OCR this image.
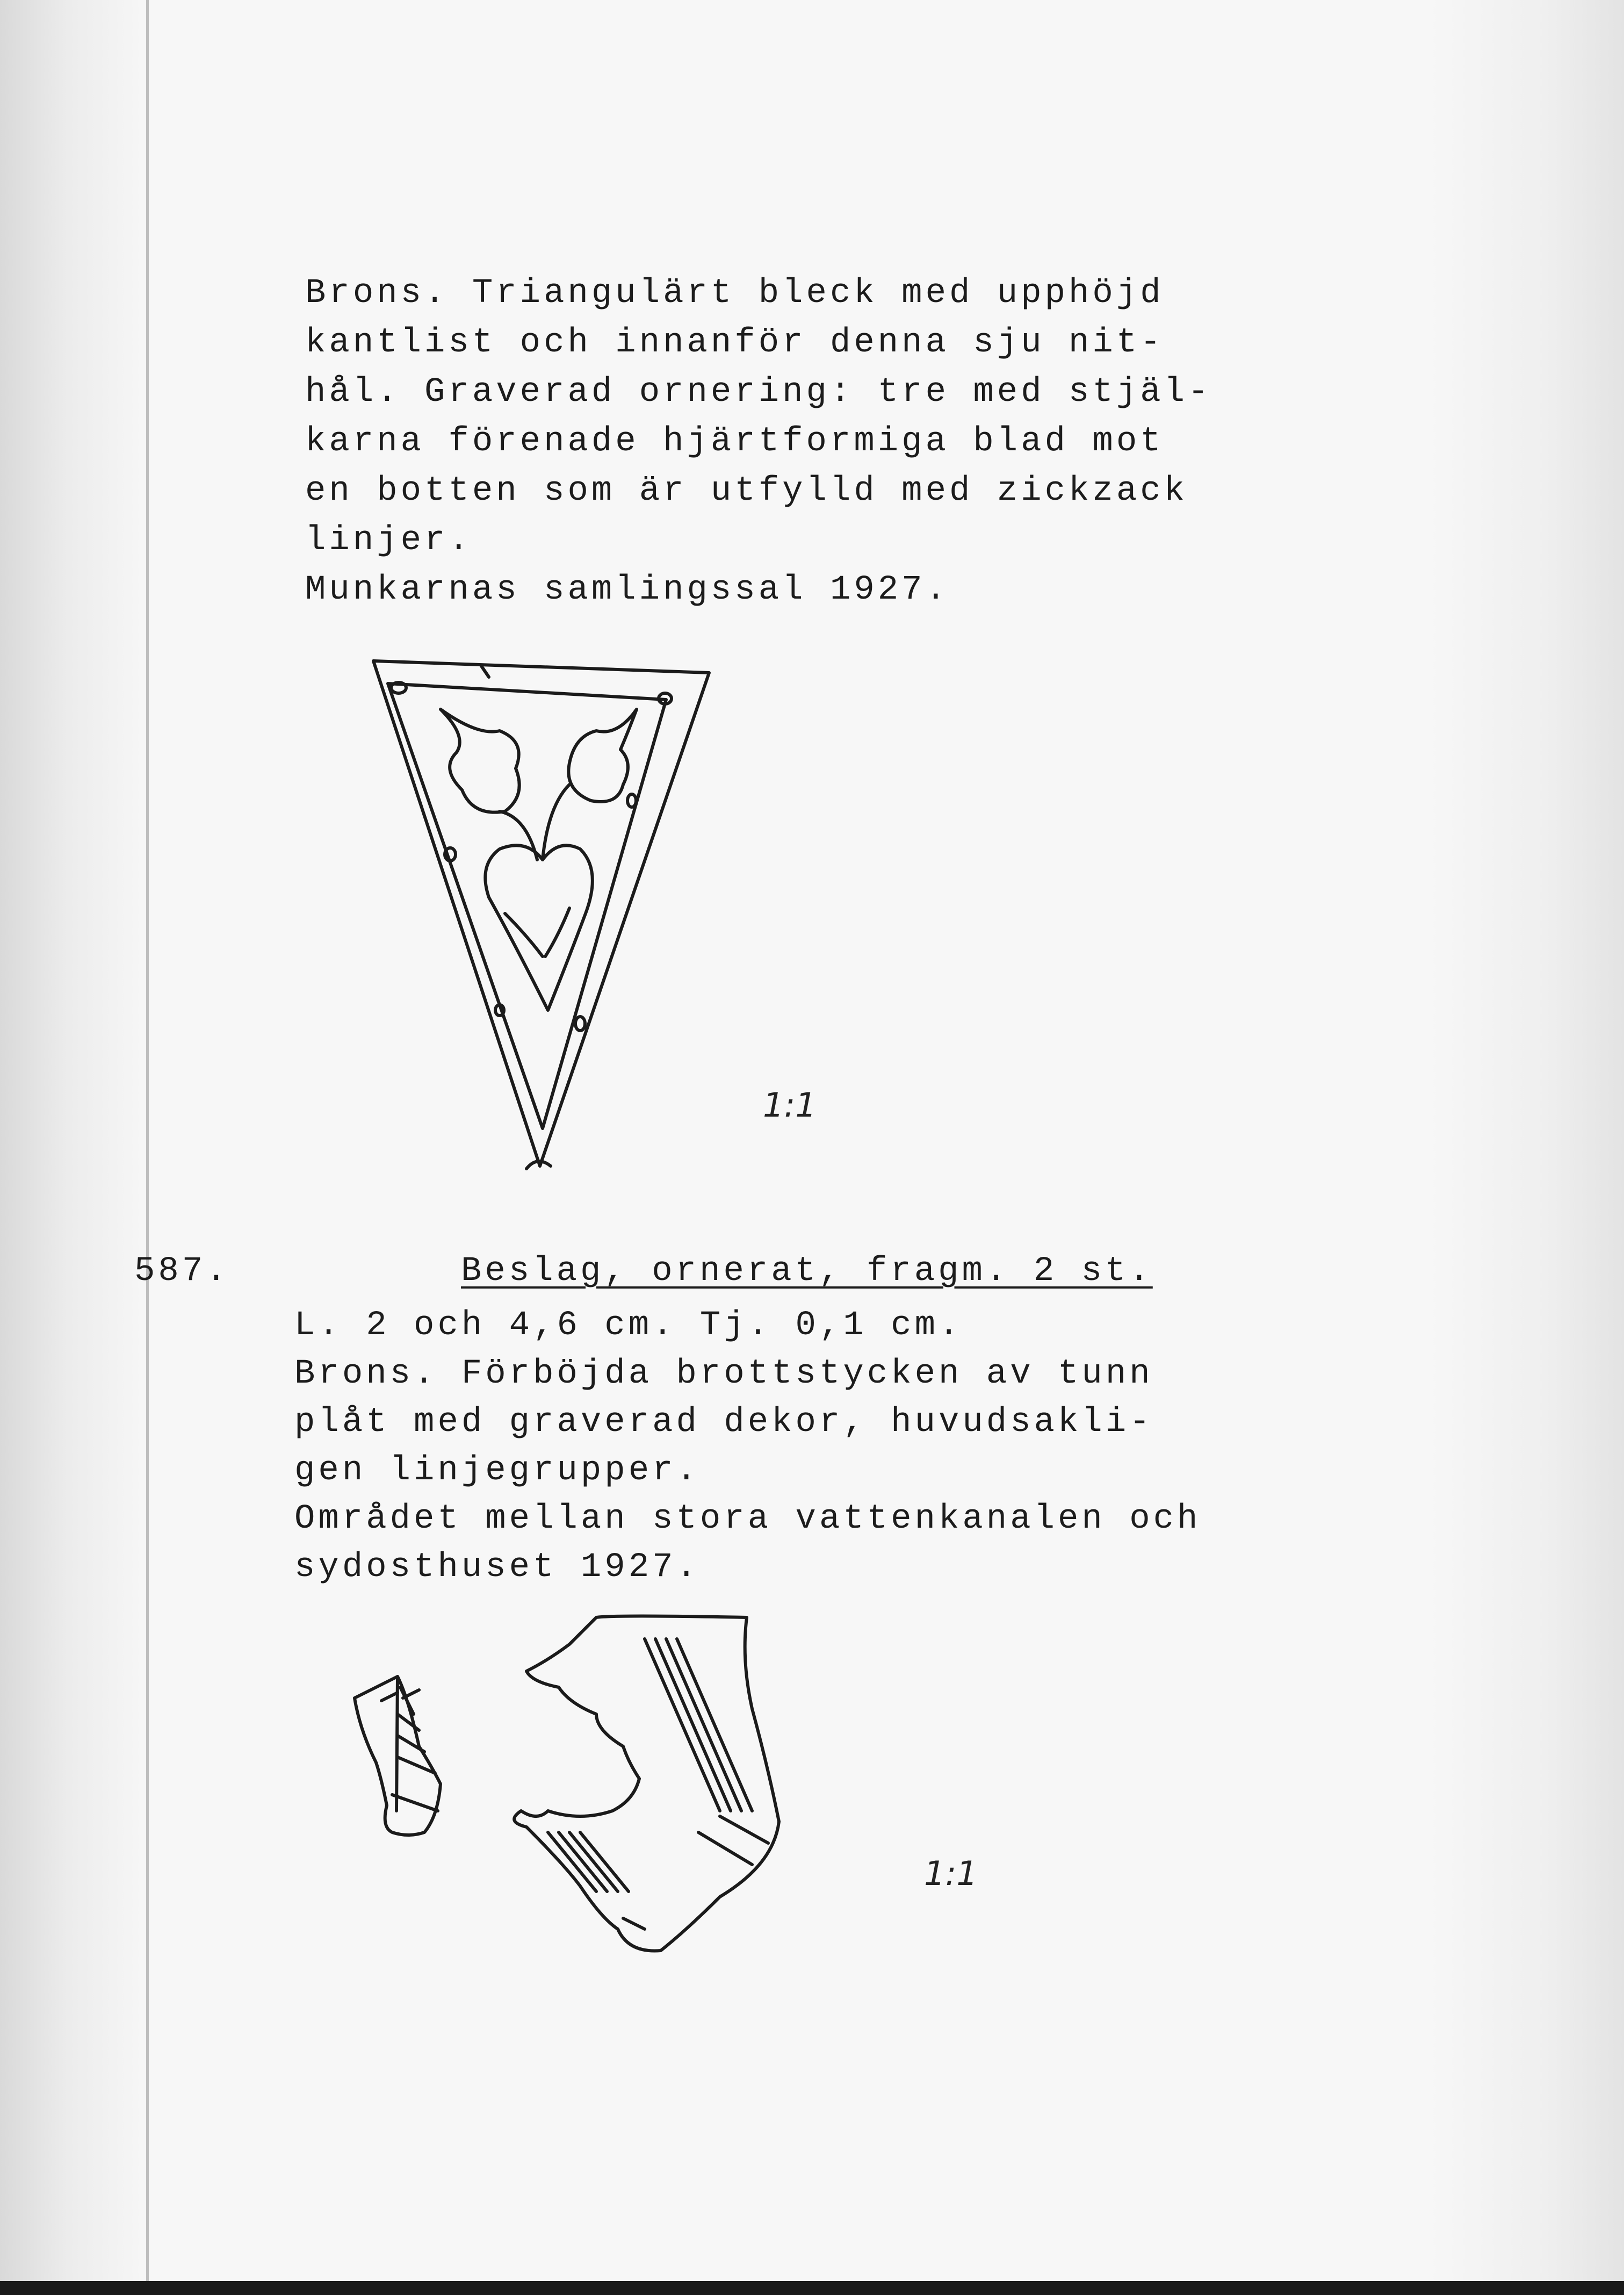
Brons. Triangulärt bleck med upphöjd
kantlist och innanför denna sju nit-
hål. Graverad ornering: tre med stjäl-
karna förenade hjärtformiga blad mot
en botten som är utfylld med zickzack
linjer.
Munkarnas samlingssal 1927.
1:1
587.	Beslag, ornerat, fragm. 2 st.
L. 2 och 4,6 cm. Tj. 0,1 cm.
Brons. Förböjda brottstycken av tunn
plåt med graverad dekor, huvudsakli-
gen linjegrupper.
Området mellan stora vattenkanalen och
sydosthuset 1927.
1:1
